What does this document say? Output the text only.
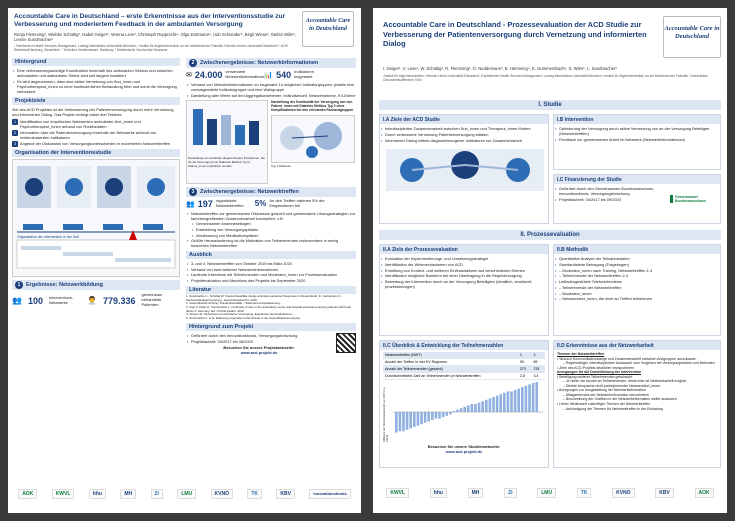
Accountable Care in Deutschland – erste Erkenntnisse aus der Interventionsstudie zur Verbesserung und moderiertem Feedback in der ambulanten Versorgung
Accountable Care in Deutschland
Ronja Flemming¹, Wiebke Schüttig², Isabel Geiger³, Verena Leve³, Christoph Rupprecht⁴, Olga Dortmann⁵, Udo Schneider⁶, Birgit Wiese³, Stefan Wilm³, Leonie Sundmacher²
¹ Fachbereich Health Services Management, Ludwig-Maximilians-Universität München; ² Institut für Allgemeinmedizin an der Medizinischen Fakultät, Heinrich-Heine-Universität Düsseldorf; ³ AOK Rheinland/Hamburg, Düsseldorf; ⁴ Techniker Krankenkasse, Hamburg; ⁵ Medizinische Hochschule Hannover
Hintergrund
• Eine verbesserungswürdige Koordination innerhalb des ambulanten Sektors und zwischen ambulantem und stationärem Sektor wird seit langem kostatiert.
• Es wird angenommen, dass eine aktive Vernetzung von Ärzt_innen und Psychotherapeut_innen zu einer kontinuierlichen Behandlung führt und somit die Versorgung verbessert.
Projektziele
Ziel des ACD Projektes ist die Verbesserung der Patientenversorgung durch mehr Vernetzung und informierten Dialog. Das Projekt verfolgt dabei drei Teilziele:
1 Identifikation von empirischen Netzwerken ambulanter Ärzt_innen und Psychotherapeut_innen anhand von Routinedaten
2 Information über die Patientenversorgung innerhalb der Netzwerke anhand von evidenzbasierten Indikatoren
3 Angebot der Diskussion von Versorgungsunterschieden in moderierten Netzwerktreffen
Organisation der Interventionsstudie
Organisation der Intervention in der Zeit
1	Ergebnisse: Netzwerkbildung
👥 100 Interventions-Netzwerke	👨‍⚕️ 779.336
gemeinsam behandelte Patienten
2	Zwischenergebnisse: Netzwerkinformationen
✉ 24.000 versendete Netzwerkinformationen
📊 540 Indikatoren insgesamt
• Versand von Netzwerkinformationen zu insgesamt 14 möglichen Indikatorgruppen: jeweils eine vorausgewählte Indikatorgruppe und eine Wahlgruppe
• Darstellung aller Werte auf drei Aggregationsebenen: ecitindividuell, Netzwerkebene, KV-Ebene
Darstellung von ambulant abgerechneten Prozeduren, die für die Versorgung von Diabetes Mellitus Typ 2 Patient_innen empfohlen werden
Darstellung der Kontinuität der Versorgung von von Patient_innen mit Diabetes Mellitus Typ 2 ohne Komplikationen bei den relevanten Facharztgruppen
Typ 2 Diabetes
3	Zwischenergebnisse: Netzwerktreffen
👥 197 organisierte Netzwerktreffen	5% An den Treffen nahmen 5% der Eingeladenen teil
• Netzwerktreffen zur gemeinsamen Diskussion gesucht und gemeinsame Lösungsstrategien zur fachübergreifenden Zusammenarbeit konzeptiert, z.B.
• Gemeinsamer Anamnesebogen
• Erarbeitung von Versorgungspfaden
• Abstimmung von Medikationsplänen
• Größte Herausforderung ist die Motivation von Teilnehmenden insbesondere in wenig besuchten Netzwerktreffen
Ausblick
• 3. und 4. Netzwerktreffen von Oktober 2019 bis März 2020
• Versand von zwei weiteren Netzwerkinformationen
• Laufende Interviews mit Teilnehmenden und Moderator_innen zur Prozessevaluation
• Projektevaluation und Abschluss des Projekts bis September 2020
Literatur
1. Sundmacher L, Schüttig W. Krankenhausfälle infolge ambulant-sensitiver Diagnosen in Deutschland. In: Hurrelmann K, Sachverständigenrat (Hrsg.). Gesundheitsbericht. 2016.
2. Gesundheitsforschung: Krankenhausfälle – Stationäre Hospitalisierung.
3. Vogt V, Koller D, Sundmacher L. Continuity of care in the ambulatory sector and hospital admissions among patients with heart failure in Germany. Eur J Public Health. 2016.
4. Greiner W. Sicherheit und ambulanter Versorgung: Ergebnisse aus Evaluationen.
5. Sundmacher L et al. Erfassung regionaler Unterschiede in der Gesundheitsversorgung.
Hintergrund zum Projekt
• Gefördert durch den Innovationsfonds, Versorgungsforschung
• Projektlaufzeit: 04/2017 bis 06/2020
Besuchen Sie unsere Projektwebseite:
www.acd-projekt.de
AOK	KWVL	hhu	MH	Zi	LMU	KVNO	TK	KBV	Innovationsfonds
Accountable Care in Deutschland - Prozessevaluation der ACD Studie zur Verbesserung der Patientenversorgung durch Vernetzung und informierten Dialog
Accountable Care in Deutschland
I. Geiger¹, V. Leve¹, W. Schüttig², R. Flemming², O. Neddemann³, B. Hemming⁴, E. Gummersbach⁵, S. Wilm⁶, L. Sundmacher²
¹Institut für Allgemeinmedizin, Heinrich-Heine-Universität Düsseldorf; ²Fachbereich Health Services Management, Ludwig-Maximilians-Universität München; ³Institut für Allgemeinmedizin an der Medizinischen Fakultät; ⁴Universitäre Gesundheitsoffensive, Köln
I. Studie
I.A Ziele der ACD Studie
• Interdisziplinäre Zusammenarbeit zwischen Ärzt_innen und Therapeut_innen fördern
• Durch verbesserte Vernetzung Patientenversorgung stärken
• Informierter Dialog mittels diagnosebezogener Indikatoren zur Zusammenarbeit
I.B Intervention
• Optimierung der Versorgung durch aktive Vernetzung von an der Versorgung Beteiligter (Netzwerktreffen)
• Feedback zur gemeinsamen Arbeit im Netzwerk (Netzwerkinformationen)
I.C Finanzierung der Studie
• Gefördert durch den Gemeinsamen Bundesausschuss, Innovationsfonds, Versorgungsforschung
• Projektlaufzeit: 04/2017 bis 09/2020
Gemeinsamer Bundesausschuss
II. Prozessevaluation
II.A Ziele der Prozessevaluation
• Evaluation der Implementierungs- und Umsetzungsstrategie
• Identifikation der Wirkmechanismen von ACD
• Ermittlung von Kontext- und weiteren Einflussfaktoren auf verschiedenen Ebenen
• Identifikation möglicher Barrieren bei einer Übertragung in die Regelversorgung
• Bewertung der Intervention durch an der Versorgung Beteiligten (inhaltlich, strukturell, prozessbezogen)
II.B Methodik
• Quantitative Analyse der Teilnahmedaten
• Standardisierte Befragung (Fragebogen)
• – Moderator_innen nach Training, Netzwerktreffen 1-4
• – Teilnehmende der Netzwerktreffen 2-4
• Leitfadengestützte Telefoninterviews
• – Teilnehmende der Netzwerktreffen
• – Moderator_innen
• – Netzwerkärzt_innen, die nicht an Treffen teilnehmen
II.C Überblick & Entwicklung der Teilnehmerzahlen
Netzwerktreffen (NWT)	1	2
Anzahl der Treffen in vier KV Regionen	99	89
Anzahl der Teilnehmenden (gesamt)	273	276
Durchschnittliche Zahl an Teilnehmenden je Netzwerktreffen	2,8	3,4
Differenz der Teilnehmendenzahl von NWT1 zu NWT2
Besuchen Sie unsere Studienwebseite:
www.acd-projekt.de
II.D Erkenntnisse aus der Netzwerkarbeit
Themen der Netzwerktreffen
• Wunsch Kommunikationswege und Zusammenarbeit zwischen Arztgruppen auszubauen
– Regelmäßiger, interdisziplinärer Austausch zum Vorgehen bei Versorgungslücken und Befunden
• Ziele des ACD-Projekts deutlicher transportieren
Anregungen für die Durchführung der Intervention
• Beteiligung weiterer Teilnehmenden gewünscht
– Je höher die Anzahl an Teilnehmenden, desto eher ist Netzwerkarbeit möglich
– Direkte Ansprache nicht-partizipierender Netzwerkärzt_innen
• Anregungen zur Ausgestaltung der Netzwerkinformation
– Alltagsrelevanz der Netzwerkinformation hervorheben
– Beschreibung der Grafiken in der Netzwerkinformation weiter ausbauen
• Hoher Stellenwert zukünftiger Themen der Netzwerktreffen
– Ankündigung der Themen für Netzwerktreffen in der Einladung
KWVL	hhu	MH	Zi	LMU	TK	KVNO	KBV	AOK
